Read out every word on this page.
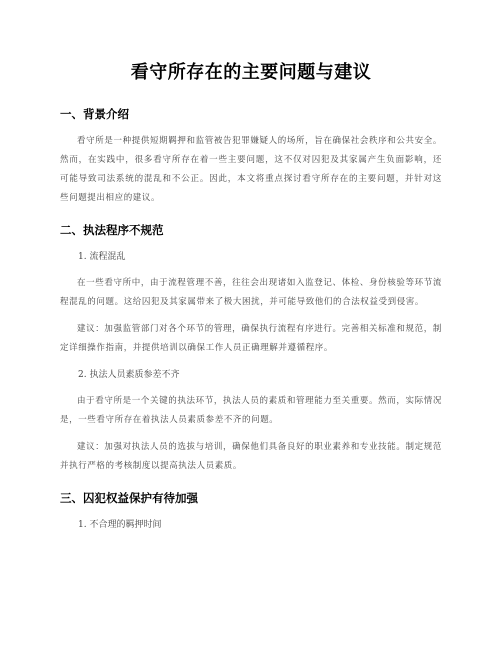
看守所存在的主要问题与建议
一、背景介绍

看守所是一种提供短期羁押和监管被告犯罪嫌疑人的场所，旨在确保社会秩序和公共安全。然而，在实践中，很多看守所存在着一些主要问题，这不仅对囚犯及其家属产生负面影响，还可能导致司法系统的混乱和不公正。因此，本文将重点探讨看守所存在的主要问题，并针对这些问题提出相应的建议。

二、执法程序不规范

1. 流程混乱

在一些看守所中，由于流程管理不善，往往会出现诸如入监登记、体检、身份核验等环节流程混乱的问题。这给囚犯及其家属带来了极大困扰，并可能导致他们的合法权益受到侵害。

建议：加强监管部门对各个环节的管理，确保执行流程有序进行。完善相关标准和规范，制定详细操作指南，并提供培训以确保工作人员正确理解并遵循程序。

2. 执法人员素质参差不齐

由于看守所是一个关键的执法环节，执法人员的素质和管理能力至关重要。然而，实际情况是，一些看守所存在着执法人员素质参差不齐的问题。

建议：加强对执法人员的选拔与培训，确保他们具备良好的职业素养和专业技能。制定规范并执行严格的考核制度以提高执法人员素质。

三、囚犯权益保护有待加强

1. 不合理的羁押时间
